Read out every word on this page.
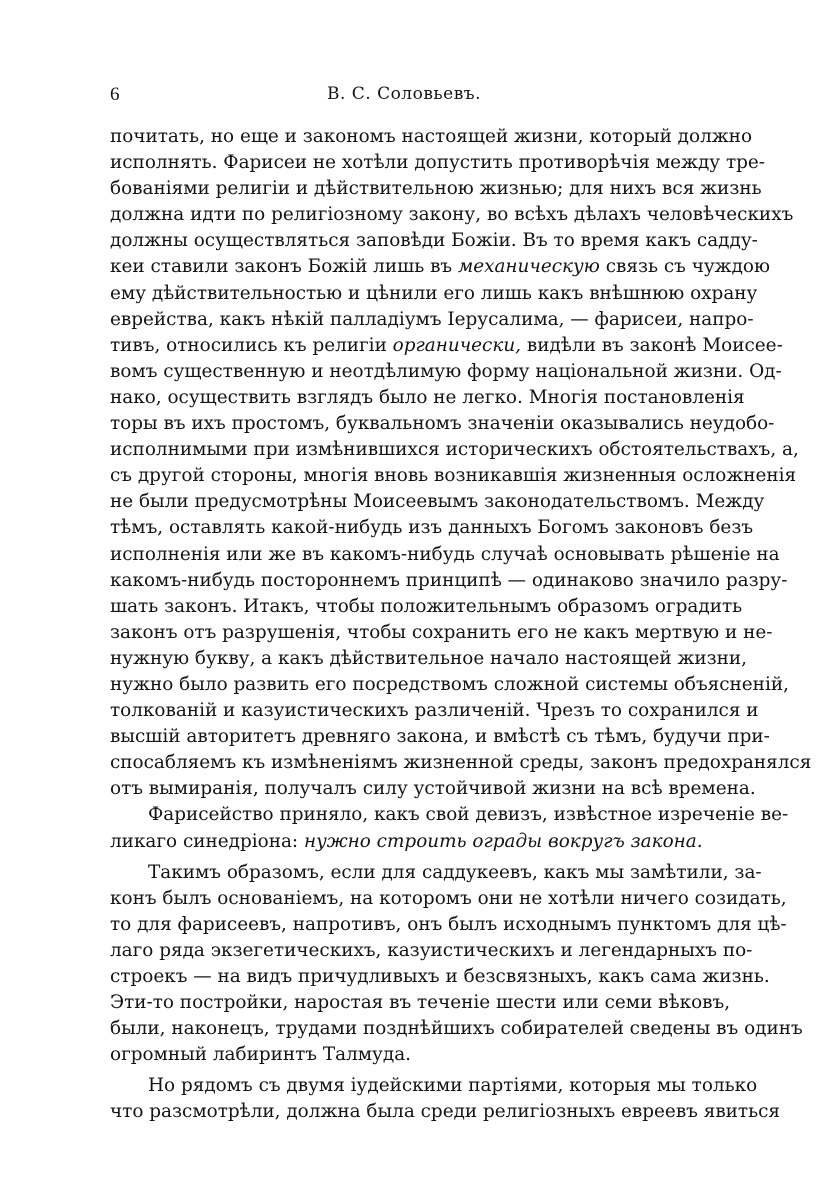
6	В. С. Соловьевъ.
почитать, но еще и закономъ настоящей жизни, который должно
исполнять. Фарисеи не хотѣли допустить противорѣчія между тре-
бованіями религіи и дѣйствительною жизнью; для нихъ вся жизнь
должна идти по религіозному закону, во всѣхъ дѣлахъ человѣческихъ
должны осуществляться заповѣди Божіи. Въ то время какъ садду-
кеи ставили законъ Божій лишь въ механическую связь съ чуждою
ему дѣйствительностью и цѣнили его лишь какъ внѣшнюю охрану
еврейства, какъ нѣкій палладіумъ Іерусалима, — фарисеи, напро-
тивъ, относились къ религіи органически, видѣли въ законѣ Моисее-
вомъ существенную и неотдѣлимую форму національной жизни. Од-
нако, осуществить взглядъ было не легко. Многія постановленія
торы въ ихъ простомъ, буквальномъ значеніи оказывались неудобо-
исполнимыми при измѣнившихся историческихъ обстоятельствахъ, а,
съ другой стороны, многія вновь возникавшія жизненныя осложненія
не были предусмотрѣны Моисеевымъ законодательствомъ. Между
тѣмъ, оставлять какой-нибудь изъ данныхъ Богомъ законовъ безъ
исполненія или же въ какомъ-нибудь случаѣ основывать рѣшеніе на
какомъ-нибудь постороннемъ принципѣ — одинаково значило разру-
шать законъ. Итакъ, чтобы положительнымъ образомъ оградить
законъ отъ разрушенія, чтобы сохранить его не какъ мертвую и не-
нужную букву, а какъ дѣйствительное начало настоящей жизни,
нужно было развить его посредствомъ сложной системы объясненій,
толкованій и казуистическихъ различеній. Чрезъ то сохранился и
высшій авторитетъ древняго закона, и вмѣстѣ съ тѣмъ, будучи при-
спосабляемъ къ измѣненіямъ жизненной среды, законъ предохранялся
отъ вымиранія, получалъ силу устойчивой жизни на всѣ времена.
Фарисейство приняло, какъ свой девизъ, извѣстное изреченіе ве-
ликаго синедріона: нужно строить ограды вокругъ закона.
Такимъ образомъ, если для саддукеевъ, какъ мы замѣтили, за-
конъ былъ основаніемъ, на которомъ они не хотѣли ничего созидать,
то для фарисеевъ, напротивъ, онъ былъ исходнымъ пунктомъ для цѣ-
лаго ряда экзегетическихъ, казуистическихъ и легендарныхъ по-
строекъ — на видъ причудливыхъ и безсвязныхъ, какъ сама жизнь.
Эти-то постройки, наростая въ теченіе шести или семи вѣковъ,
были, наконецъ, трудами позднѣйшихъ собирателей сведены въ одинъ
огромный лабиринтъ Талмуда.
Но рядомъ съ двумя іудейскими партіями, которыя мы только
что разсмотрѣли, должна была среди религіозныхъ евреевъ явиться
